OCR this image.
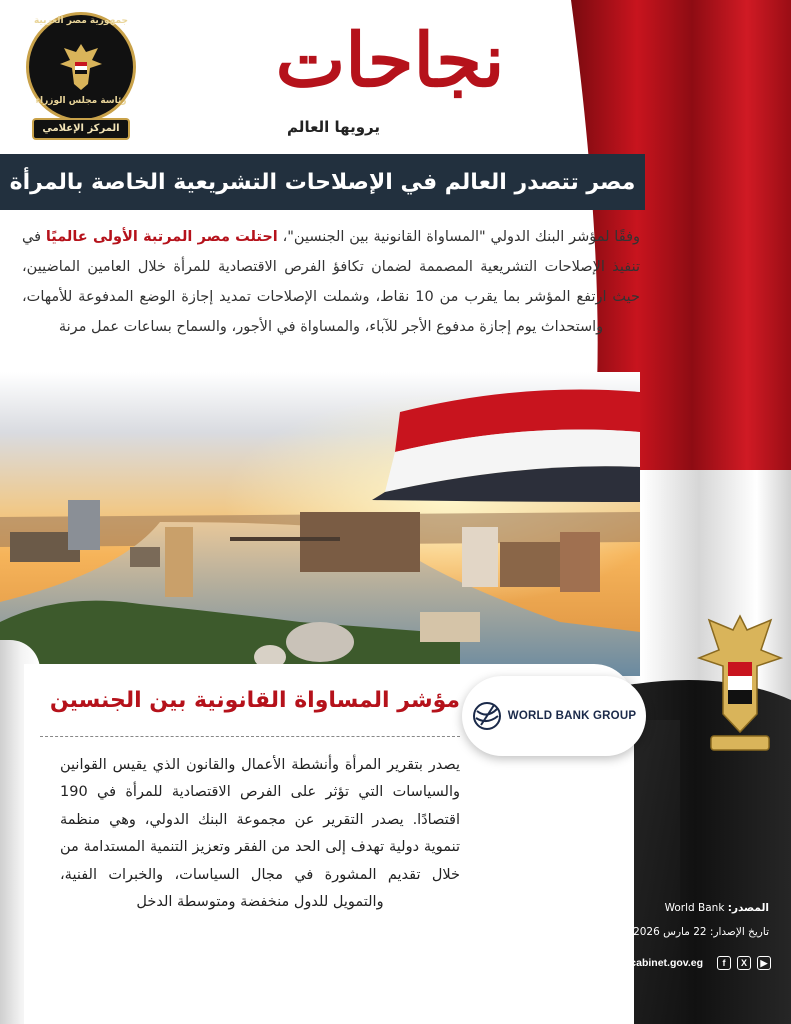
جمهورية مصر العربية
رئاسة مجلس الوزراء
المركز الإعلامي
نجاحات
يرويها العالم
مصر تتصدر العالم في الإصلاحات التشريعية الخاصة بالمرأة

وفقًا لمؤشر البنك الدولي "المساواة القانونية بين الجنسين"، احتلت مصر المرتبة الأولى عالميًا في تنفيذ الإصلاحات التشريعية المصممة لضمان تكافؤ الفرص الاقتصادية للمرأة خلال العامين الماضيين، حيث ارتفع المؤشر بما يقرب من 10 نقاط، وشملت الإصلاحات تمديد إجازة الوضع المدفوعة للأمهات، واستحداث يوم إجازة مدفوع الأجر للآباء، والمساواة في الأجور، والسماح بساعات عمل مرنة

مؤشر المساواة القانونية بين الجنسين
WORLD BANK GROUP

يصدر بتقرير المرأة وأنشطة الأعمال والقانون الذي يقيس القوانين والسياسات التي تؤثر على الفرص الاقتصادية للمرأة في 190 اقتصادًا. يصدر التقرير عن مجموعة البنك الدولي، وهي منظمة تنموية دولية تهدف إلى الحد من الفقر وتعزيز التنمية المستدامة من خلال تقديم المشورة في مجال السياسات، والخبرات الفنية، والتمويل للدول منخفضة ومتوسطة الدخل	المصدر: World Bank
تاريخ الإصدار: 22 مارس 2026
www.cabinet.gov.eg	f	X	▶
